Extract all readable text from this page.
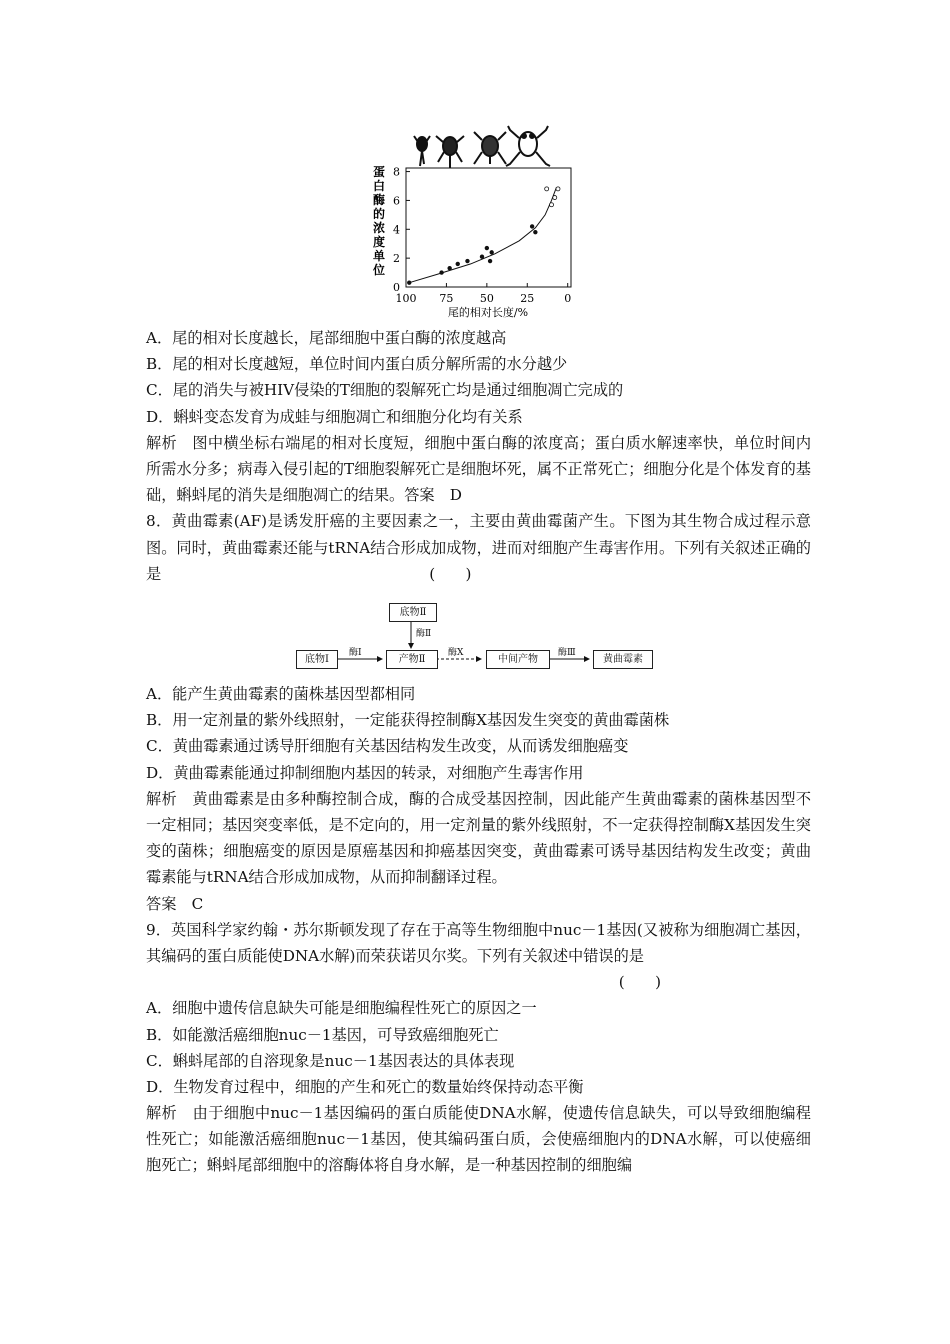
蛋
白
酶
的
浓
度
单
位
0
2
4
6
8
100 75 50 25	0
尾的相对长度/%
A．尾的相对长度越长，尾部细胞中蛋白酶的浓度越高
B．尾的相对长度越短，单位时间内蛋白质分解所需的水分越少
C．尾的消失与被HIV侵染的T细胞的裂解死亡均是通过细胞凋亡完成的
D．蝌蚪变态发育为成蛙与细胞凋亡和细胞分化均有关系
解析　图中横坐标右端尾的相对长度短，细胞中蛋白酶的浓度高；蛋白质水解速率快，单位时间内所需水分多；病毒入侵引起的T细胞裂解死亡是细胞坏死，属不正常死亡；细胞分化是个体发育的基础，蝌蚪尾的消失是细胞凋亡的结果。答案　D
8．黄曲霉素(AF)是诱发肝癌的主要因素之一，主要由黄曲霉菌产生。下图为其生物合成过程示意图。同时，黄曲霉素还能与tRNA结合形成加成物，进而对细胞产生毒害作用。下列有关叙述正确的是	(　　)
底物Ⅱ
酶Ⅱ
底物Ⅰ
酶Ⅰ
产物Ⅱ
酶X
中间产物
酶Ⅲ
黄曲霉素
A．能产生黄曲霉素的菌株基因型都相同
B．用一定剂量的紫外线照射，一定能获得控制酶X基因发生突变的黄曲霉菌株
C．黄曲霉素通过诱导肝细胞有关基因结构发生改变，从而诱发细胞癌变
D．黄曲霉素能通过抑制细胞内基因的转录，对细胞产生毒害作用
解析　黄曲霉素是由多种酶控制合成，酶的合成受基因控制，因此能产生黄曲霉素的菌株基因型不一定相同；基因突变率低，是不定向的，用一定剂量的紫外线照射，不一定获得控制酶X基因发生突变的菌株；细胞癌变的原因是原癌基因和抑癌基因突变，黄曲霉素可诱导基因结构发生改变；黄曲霉素能与tRNA结合形成加成物，从而抑制翻译过程。
答案　C
9．英国科学家约翰・苏尔斯顿发现了存在于高等生物细胞中nuc－1基因(又被称为细胞凋亡基因，其编码的蛋白质能使DNA水解)而荣获诺贝尔奖。下列有关叙述中错误的是
(　　)
A．细胞中遗传信息缺失可能是细胞编程性死亡的原因之一
B．如能激活癌细胞nuc－1基因，可导致癌细胞死亡
C．蝌蚪尾部的自溶现象是nuc－1基因表达的具体表现
D．生物发育过程中，细胞的产生和死亡的数量始终保持动态平衡
解析　由于细胞中nuc－1基因编码的蛋白质能使DNA水解，使遗传信息缺失，可以导致细胞编程性死亡；如能激活癌细胞nuc－1基因，使其编码蛋白质，会使癌细胞内的DNA水解，可以使癌细胞死亡；蝌蚪尾部细胞中的溶酶体将自身水解，是一种基因控制的细胞编
